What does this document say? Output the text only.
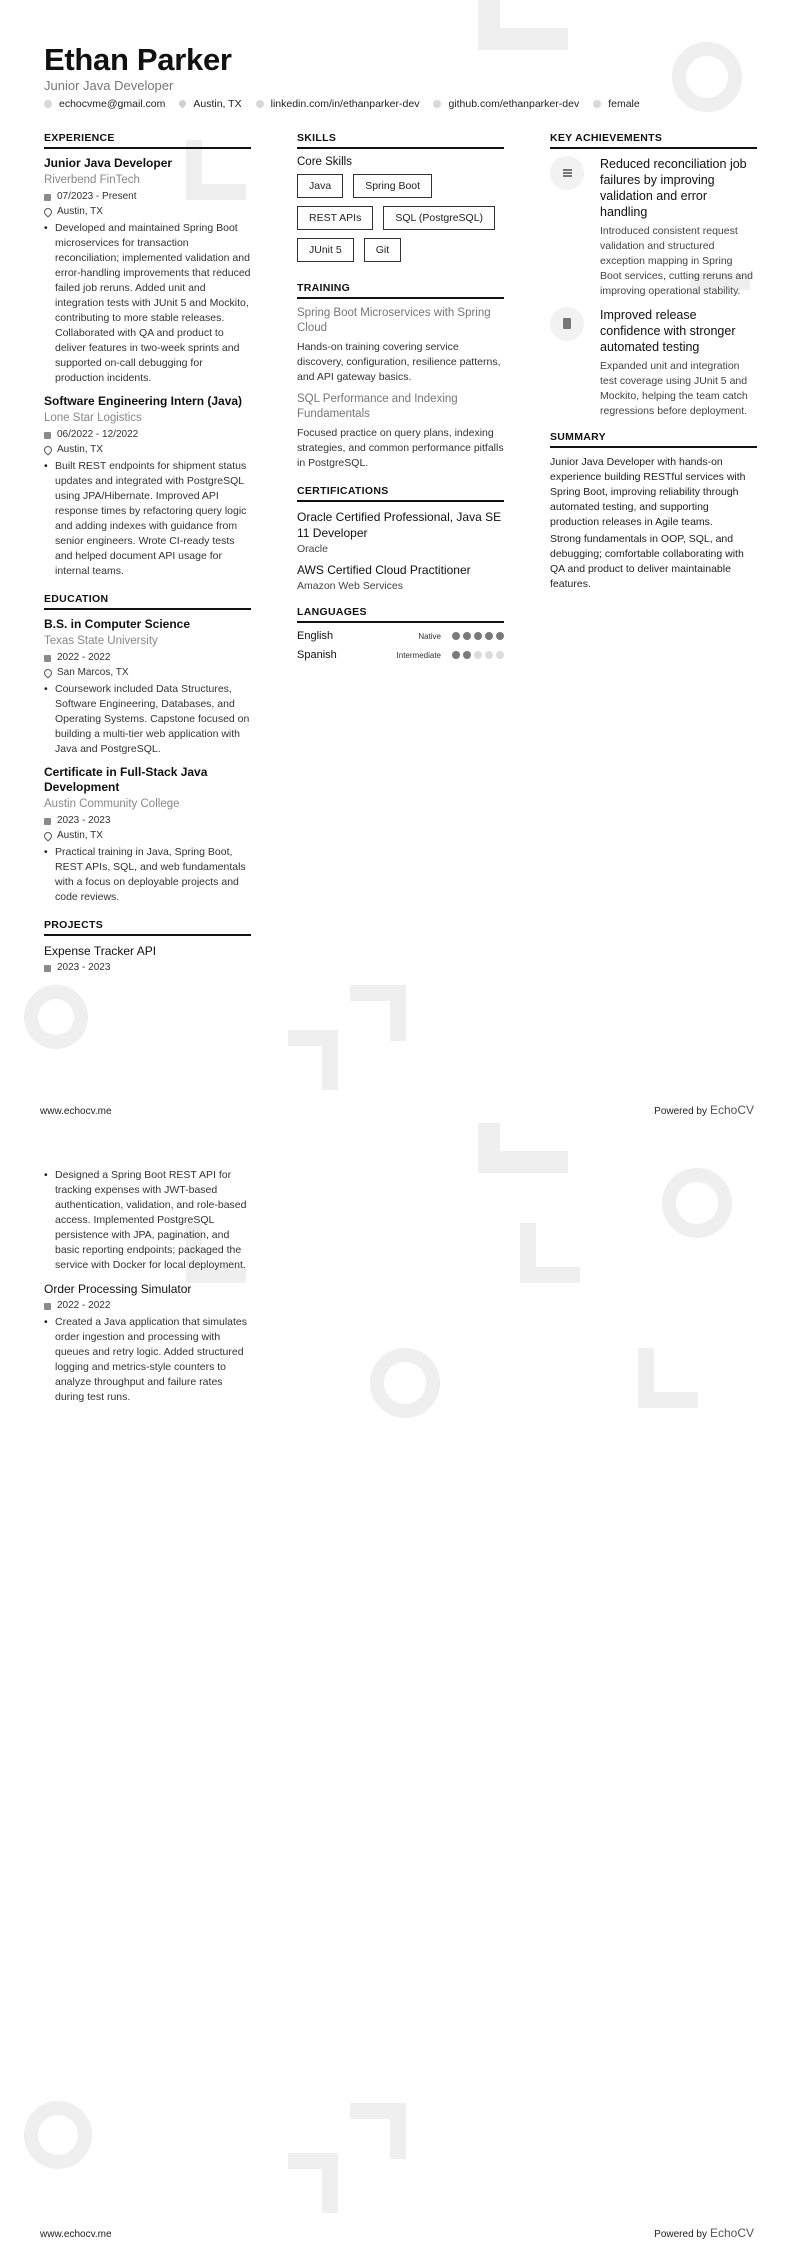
Ethan Parker
Junior Java Developer
echocvme@gmail.com	Austin, TX	linkedin.com/in/ethanparker-dev	github.com/ethanparker-dev	female
EXPERIENCE
Junior Java Developer
Riverbend FinTech
07/2023 - Present
Austin, TX
• Developed and maintained Spring Boot microservices for transaction reconciliation; implemented validation and error-handling improvements that reduced failed job reruns. Added unit and integration tests with JUnit 5 and Mockito, contributing to more stable releases. Collaborated with QA and product to deliver features in two-week sprints and supported on-call debugging for production incidents.
Software Engineering Intern (Java)
Lone Star Logistics
06/2022 - 12/2022
Austin, TX
• Built REST endpoints for shipment status updates and integrated with PostgreSQL using JPA/Hibernate. Improved API response times by refactoring query logic and adding indexes with guidance from senior engineers. Wrote CI-ready tests and helped document API usage for internal teams.
EDUCATION
B.S. in Computer Science
Texas State University
2022 - 2022
San Marcos, TX
• Coursework included Data Structures, Software Engineering, Databases, and Operating Systems. Capstone focused on building a multi-tier web application with Java and PostgreSQL.
Certificate in Full-Stack Java Development
Austin Community College
2023 - 2023
Austin, TX
• Practical training in Java, Spring Boot, REST APIs, SQL, and web fundamentals with a focus on deployable projects and code reviews.
PROJECTS
Expense Tracker API
2023 - 2023
SKILLS
Core Skills
Java	Spring Boot
REST APIs	SQL (PostgreSQL)
JUnit 5	Git
TRAINING
Spring Boot Microservices with Spring Cloud
Hands-on training covering service discovery, configuration, resilience patterns, and API gateway basics.
SQL Performance and Indexing Fundamentals
Focused practice on query plans, indexing strategies, and common performance pitfalls in PostgreSQL.
CERTIFICATIONS
Oracle Certified Professional, Java SE 11 Developer
Oracle
AWS Certified Cloud Practitioner
Amazon Web Services
LANGUAGES
English	Native
Spanish	Intermediate
KEY ACHIEVEMENTS
Reduced reconciliation job failures by improving validation and error handling
Introduced consistent request validation and structured exception mapping in Spring Boot services, cutting reruns and improving operational stability.
Improved release confidence with stronger automated testing
Expanded unit and integration test coverage using JUnit 5 and Mockito, helping the team catch regressions before deployment.
SUMMARY
Junior Java Developer with hands-on experience building RESTful services with Spring Boot, improving reliability through automated testing, and supporting production releases in Agile teams.
Strong fundamentals in OOP, SQL, and debugging; comfortable collaborating with QA and product to deliver maintainable features.
www.echocv.me	Powered by EchoCV
• Designed a Spring Boot REST API for tracking expenses with JWT-based authentication, validation, and role-based access. Implemented PostgreSQL persistence with JPA, pagination, and basic reporting endpoints; packaged the service with Docker for local deployment.
Order Processing Simulator
2022 - 2022
• Created a Java application that simulates order ingestion and processing with queues and retry logic. Added structured logging and metrics-style counters to analyze throughput and failure rates during test runs.
www.echocv.me	Powered by EchoCV
